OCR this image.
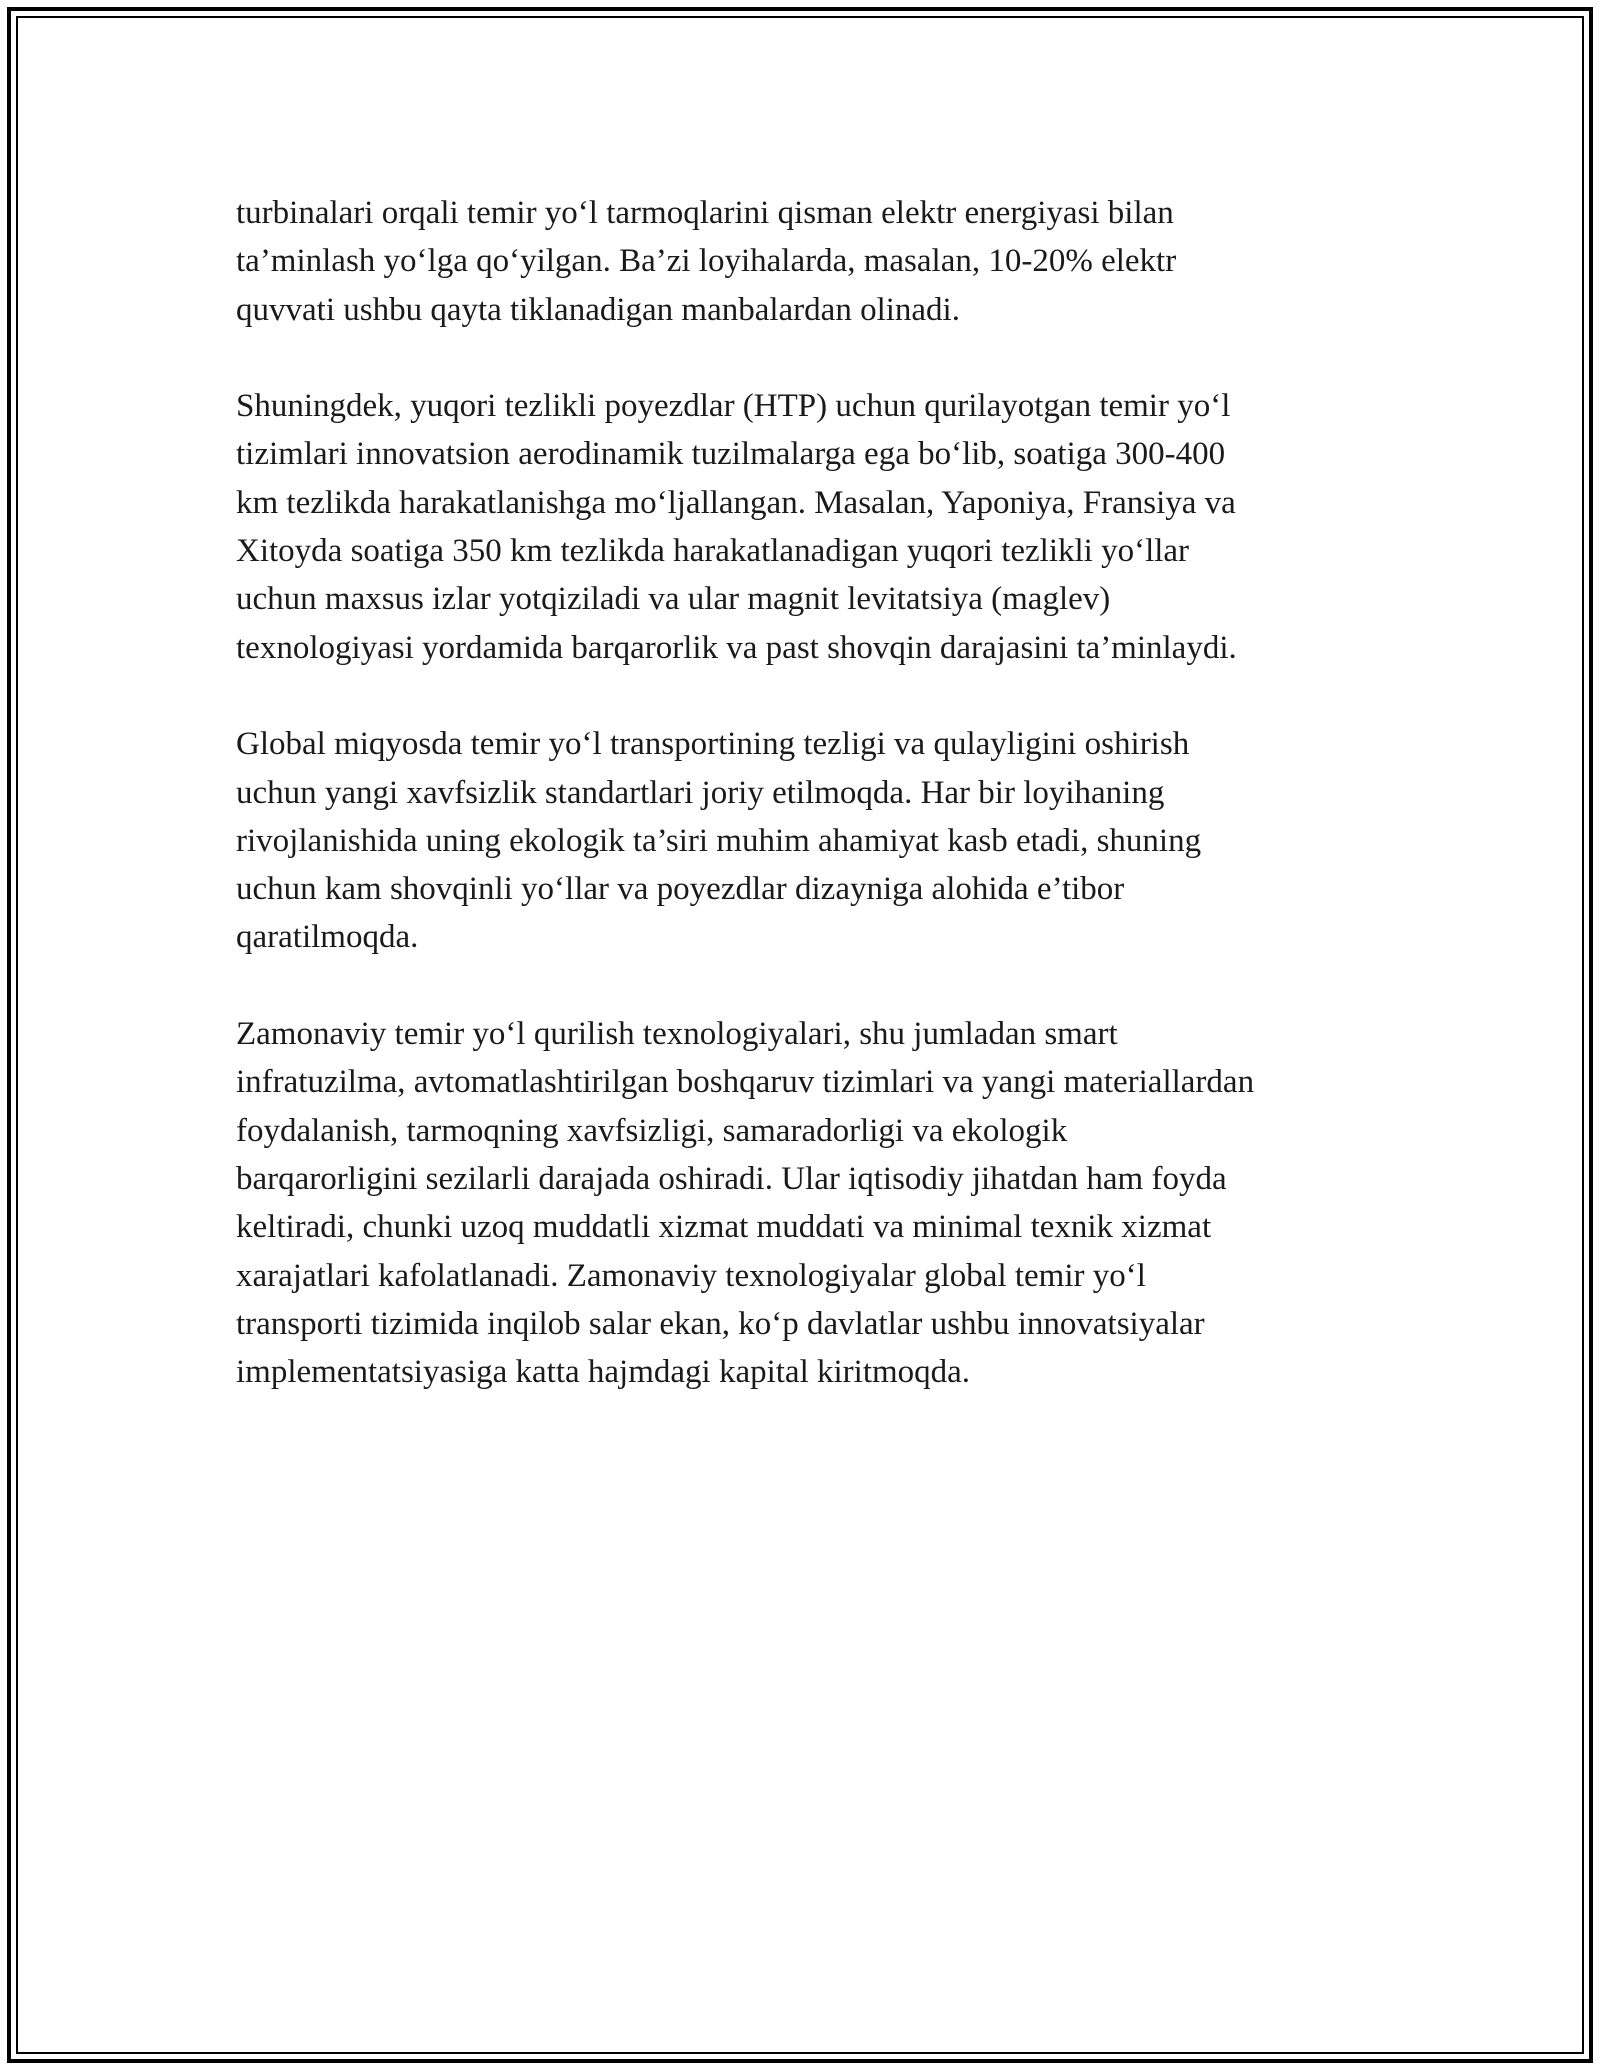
turbinalari orqali temir yo‘l tarmoqlarini qisman elektr energiyasi bilan
ta’minlash yo‘lga qo‘yilgan. Ba’zi loyihalarda, masalan, 10-20% elektr
quvvati ushbu qayta tiklanadigan manbalardan olinadi.

Shuningdek, yuqori tezlikli poyezdlar (HTP) uchun qurilayotgan temir yo‘l
tizimlari innovatsion aerodinamik tuzilmalarga ega bo‘lib, soatiga 300-400
km tezlikda harakatlanishga mo‘ljallangan. Masalan, Yaponiya, Fransiya va
Xitoyda soatiga 350 km tezlikda harakatlanadigan yuqori tezlikli yo‘llar
uchun maxsus izlar yotqiziladi va ular magnit levitatsiya (maglev)
texnologiyasi yordamida barqarorlik va past shovqin darajasini ta’minlaydi.

Global miqyosda temir yo‘l transportining tezligi va qulayligini oshirish
uchun yangi xavfsizlik standartlari joriy etilmoqda. Har bir loyihaning
rivojlanishida uning ekologik ta’siri muhim ahamiyat kasb etadi, shuning
uchun kam shovqinli yo‘llar va poyezdlar dizayniga alohida e’tibor
qaratilmoqda.

Zamonaviy temir yo‘l qurilish texnologiyalari, shu jumladan smart
infratuzilma, avtomatlashtirilgan boshqaruv tizimlari va yangi materiallardan
foydalanish, tarmoqning xavfsizligi, samaradorligi va ekologik
barqarorligini sezilarli darajada oshiradi. Ular iqtisodiy jihatdan ham foyda
keltiradi, chunki uzoq muddatli xizmat muddati va minimal texnik xizmat
xarajatlari kafolatlanadi. Zamonaviy texnologiyalar global temir yo‘l
transporti tizimida inqilob salar ekan, ko‘p davlatlar ushbu innovatsiyalar
implementatsiyasiga katta hajmdagi kapital kiritmoqda.
